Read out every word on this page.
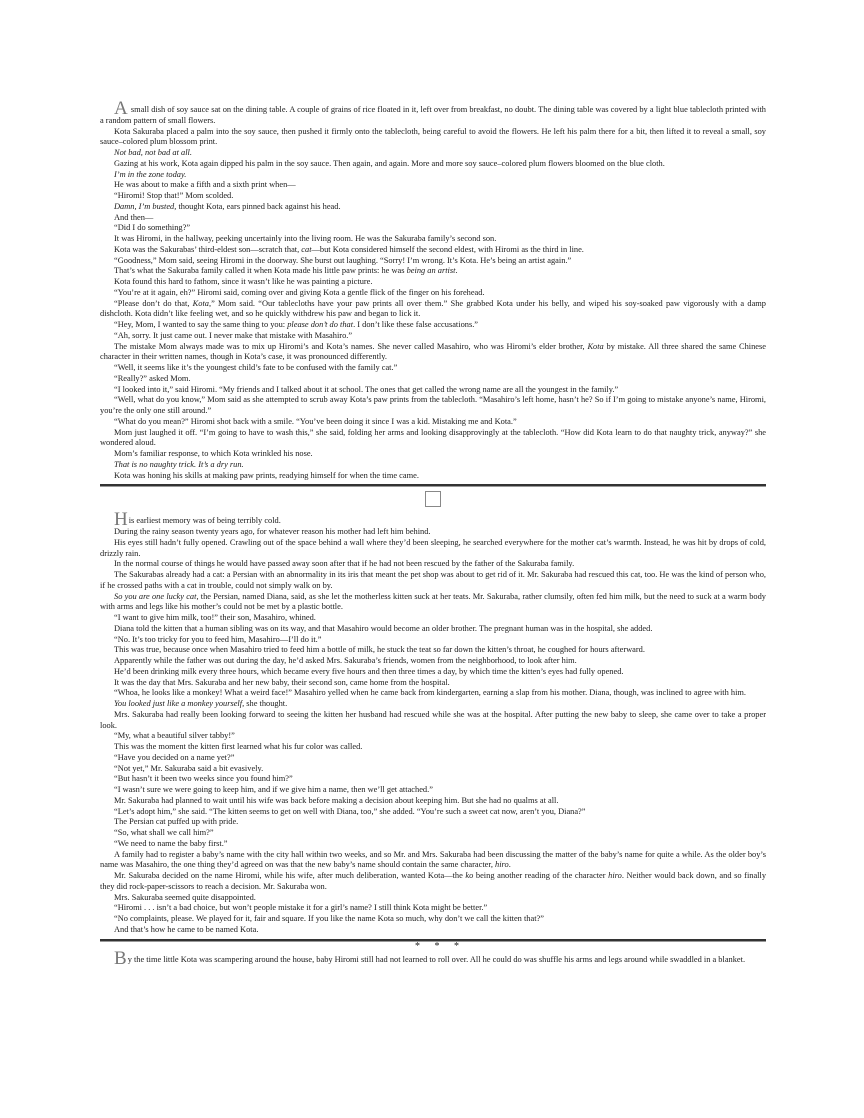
A small dish of soy sauce sat on the dining table. A couple of grains of rice floated in it, left over from breakfast, no doubt. The dining table was covered by a light blue tablecloth printed with a random pattern of small flowers.

Kota Sakuraba placed a palm into the soy sauce, then pushed it firmly onto the tablecloth, being careful to avoid the flowers. He left his palm there for a bit, then lifted it to reveal a small, soy sauce–colored plum blossom print.

Not bad, not bad at all.

Gazing at his work, Kota again dipped his palm in the soy sauce. Then again, and again. More and more soy sauce–colored plum flowers bloomed on the blue cloth.

I’m in the zone today.

He was about to make a fifth and a sixth print when—

“Hiromi! Stop that!” Mom scolded.

Damn, I’m busted, thought Kota, ears pinned back against his head.

And then—

“Did I do something?”

It was Hiromi, in the hallway, peeking uncertainly into the living room. He was the Sakuraba family’s second son.

Kota was the Sakurabas’ third-eldest son—scratch that, cat—but Kota considered himself the second eldest, with Hiromi as the third in line.

“Goodness,” Mom said, seeing Hiromi in the doorway. She burst out laughing. “Sorry! I’m wrong. It’s Kota. He’s being an artist again.”

That’s what the Sakuraba family called it when Kota made his little paw prints: he was being an artist.

Kota found this hard to fathom, since it wasn’t like he was painting a picture.

“You’re at it again, eh?” Hiromi said, coming over and giving Kota a gentle flick of the finger on his forehead.

“Please don’t do that, Kota,” Mom said. “Our tablecloths have your paw prints all over them.” She grabbed Kota under his belly, and wiped his soy-soaked paw vigorously with a damp dishcloth. Kota didn’t like feeling wet, and so he quickly withdrew his paw and began to lick it.

“Hey, Mom, I wanted to say the same thing to you: please don’t do that. I don’t like these false accusations.”

“Ah, sorry. It just came out. I never make that mistake with Masahiro.”

The mistake Mom always made was to mix up Hiromi’s and Kota’s names. She never called Masahiro, who was Hiromi’s elder brother, Kota by mistake. All three shared the same Chinese character in their written names, though in Kota’s case, it was pronounced differently.

“Well, it seems like it’s the youngest child’s fate to be confused with the family cat.”

“Really?” asked Mom.

“I looked into it,” said Hiromi. “My friends and I talked about it at school. The ones that get called the wrong name are all the youngest in the family.”

“Well, what do you know,” Mom said as she attempted to scrub away Kota’s paw prints from the tablecloth. “Masahiro’s left home, hasn’t he? So if I’m going to mistake anyone’s name, Hiromi, you’re the only one still around.”

“What do you mean?” Hiromi shot back with a smile. “You’ve been doing it since I was a kid. Mistaking me and Kota.”

Mom just laughed it off. “I’m going to have to wash this,” she said, folding her arms and looking disapprovingly at the tablecloth. “How did Kota learn to do that naughty trick, anyway?” she wondered aloud.

Mom’s familiar response, to which Kota wrinkled his nose.

That is no naughty trick. It’s a dry run.

Kota was honing his skills at making paw prints, readying himself for when the time came.

His earliest memory was of being terribly cold.

During the rainy season twenty years ago, for whatever reason his mother had left him behind.

His eyes still hadn’t fully opened. Crawling out of the space behind a wall where they’d been sleeping, he searched everywhere for the mother cat’s warmth. Instead, he was hit by drops of cold, drizzly rain.

In the normal course of things he would have passed away soon after that if he had not been rescued by the father of the Sakuraba family.

The Sakurabas already had a cat: a Persian with an abnormality in its iris that meant the pet shop was about to get rid of it. Mr. Sakuraba had rescued this cat, too. He was the kind of person who, if he crossed paths with a cat in trouble, could not simply walk on by.

So you are one lucky cat, the Persian, named Diana, said, as she let the motherless kitten suck at her teats. Mr. Sakuraba, rather clumsily, often fed him milk, but the need to suck at a warm body with arms and legs like his mother’s could not be met by a plastic bottle.

“I want to give him milk, too!” their son, Masahiro, whined.

Diana told the kitten that a human sibling was on its way, and that Masahiro would become an older brother. The pregnant human was in the hospital, she added.

“No. It’s too tricky for you to feed him, Masahiro—I’ll do it.”

This was true, because once when Masahiro tried to feed him a bottle of milk, he stuck the teat so far down the kitten’s throat, he coughed for hours afterward.

Apparently while the father was out during the day, he’d asked Mrs. Sakuraba’s friends, women from the neighborhood, to look after him.

He’d been drinking milk every three hours, which became every five hours and then three times a day, by which time the kitten’s eyes had fully opened.

It was the day that Mrs. Sakuraba and her new baby, their second son, came home from the hospital.

“Whoa, he looks like a monkey! What a weird face!” Masahiro yelled when he came back from kindergarten, earning a slap from his mother. Diana, though, was inclined to agree with him.

You looked just like a monkey yourself, she thought.

Mrs. Sakuraba had really been looking forward to seeing the kitten her husband had rescued while she was at the hospital. After putting the new baby to sleep, she came over to take a proper look.

“My, what a beautiful silver tabby!”

This was the moment the kitten first learned what his fur color was called.

“Have you decided on a name yet?”

“Not yet,” Mr. Sakuraba said a bit evasively.

“But hasn’t it been two weeks since you found him?”

“I wasn’t sure we were going to keep him, and if we give him a name, then we’ll get attached.”

Mr. Sakuraba had planned to wait until his wife was back before making a decision about keeping him. But she had no qualms at all.

“Let’s adopt him,” she said. “The kitten seems to get on well with Diana, too,” she added. “You’re such a sweet cat now, aren’t you, Diana?”

The Persian cat puffed up with pride.

“So, what shall we call him?”

“We need to name the baby first.”

A family had to register a baby’s name with the city hall within two weeks, and so Mr. and Mrs. Sakuraba had been discussing the matter of the baby’s name for quite a while. As the older boy’s name was Masahiro, the one thing they’d agreed on was that the new baby’s name should contain the same character, hiro.

Mr. Sakuraba decided on the name Hiromi, while his wife, after much deliberation, wanted Kota—the ko being another reading of the character hiro. Neither would back down, and so finally they did rock-paper-scissors to reach a decision. Mr. Sakuraba won.

Mrs. Sakuraba seemed quite disappointed.

“Hiromi . . . isn’t a bad choice, but won’t people mistake it for a girl’s name? I still think Kota might be better.”

“No complaints, please. We played for it, fair and square. If you like the name Kota so much, why don’t we call the kitten that?”

And that’s how he came to be named Kota.

* * *

By the time little Kota was scampering around the house, baby Hiromi still had not learned to roll over. All he could do was shuffle his arms and legs around while swaddled in a blanket.
